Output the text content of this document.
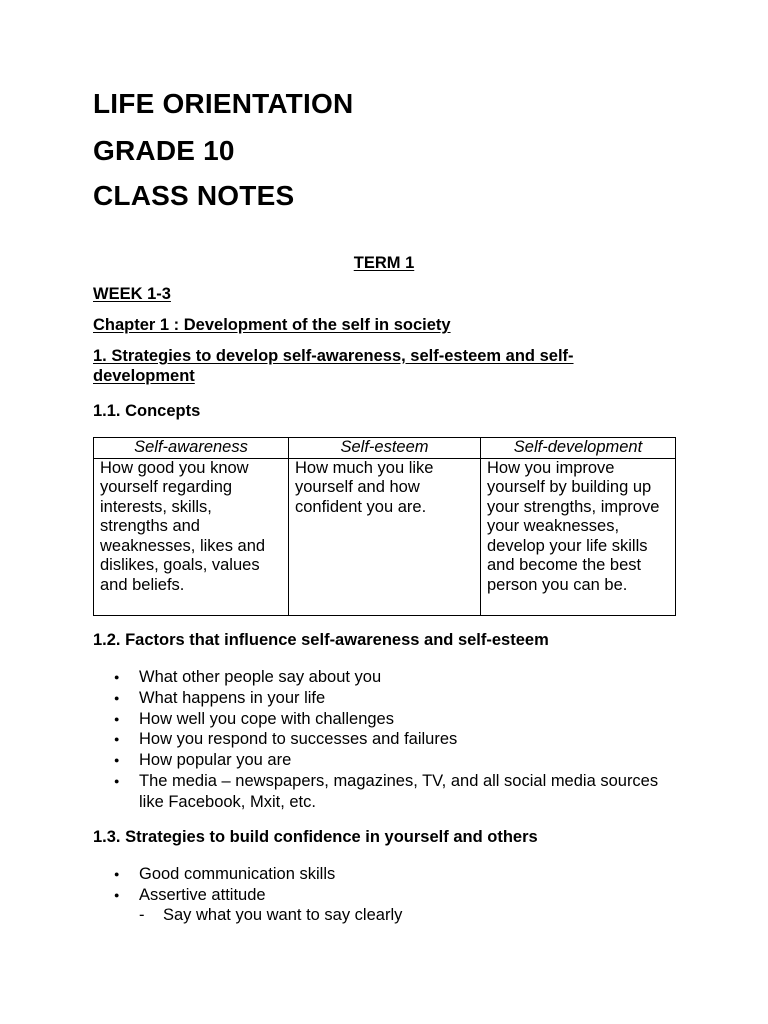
LIFE ORIENTATION
GRADE 10
CLASS NOTES

TERM 1

WEEK 1-3

Chapter 1 : Development of the self in society

1. Strategies to develop self-awareness, self-esteem and self-development

1.1. Concepts

Self-awareness	Self-esteem	Self-development
How good you know yourself regarding interests, skills, strengths and weaknesses, likes and dislikes, goals, values and beliefs.	How much you like yourself and how confident you are.	How you improve yourself by building up your strengths, improve your weaknesses, develop your life skills and become the best person you can be.

1.2. Factors that influence self-awareness and self-esteem

● What other people say about you
● What happens in your life
● How well you cope with challenges
● How you respond to successes and failures
● How popular you are
● The media – newspapers, magazines, TV, and all social media sources like Facebook, Mxit, etc.

1.3. Strategies to build confidence in yourself and others

● Good communication skills
● Assertive attitude
- Say what you want to say clearly
